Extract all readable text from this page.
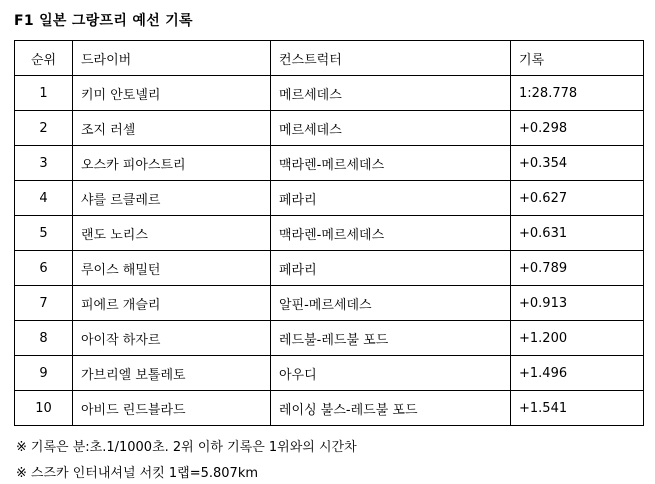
F1 일본 그랑프리 예선 기록
순위	드라이버	컨스트럭터	기록
1	키미 안토넬리	메르세데스	1:28.778
2	조지 러셀	메르세데스	+0.298
3	오스카 피아스트리	맥라렌-메르세데스	+0.354
4	샤를 르클레르	페라리	+0.627
5	랜도 노리스	맥라렌-메르세데스	+0.631
6	루이스 해밀턴	페라리	+0.789
7	피에르 개슬리	알핀-메르세데스	+0.913
8	아이작 하자르	레드불-레드불 포드	+1.200
9	가브리엘 보톨레토	아우디	+1.496
10	아비드 린드블라드	레이싱 불스-레드불 포드	+1.541
※ 기록은 분:초.1/1000초. 2위 이하 기록은 1위와의 시간차
※ 스즈카 인터내셔널 서킷 1랩=5.807km
